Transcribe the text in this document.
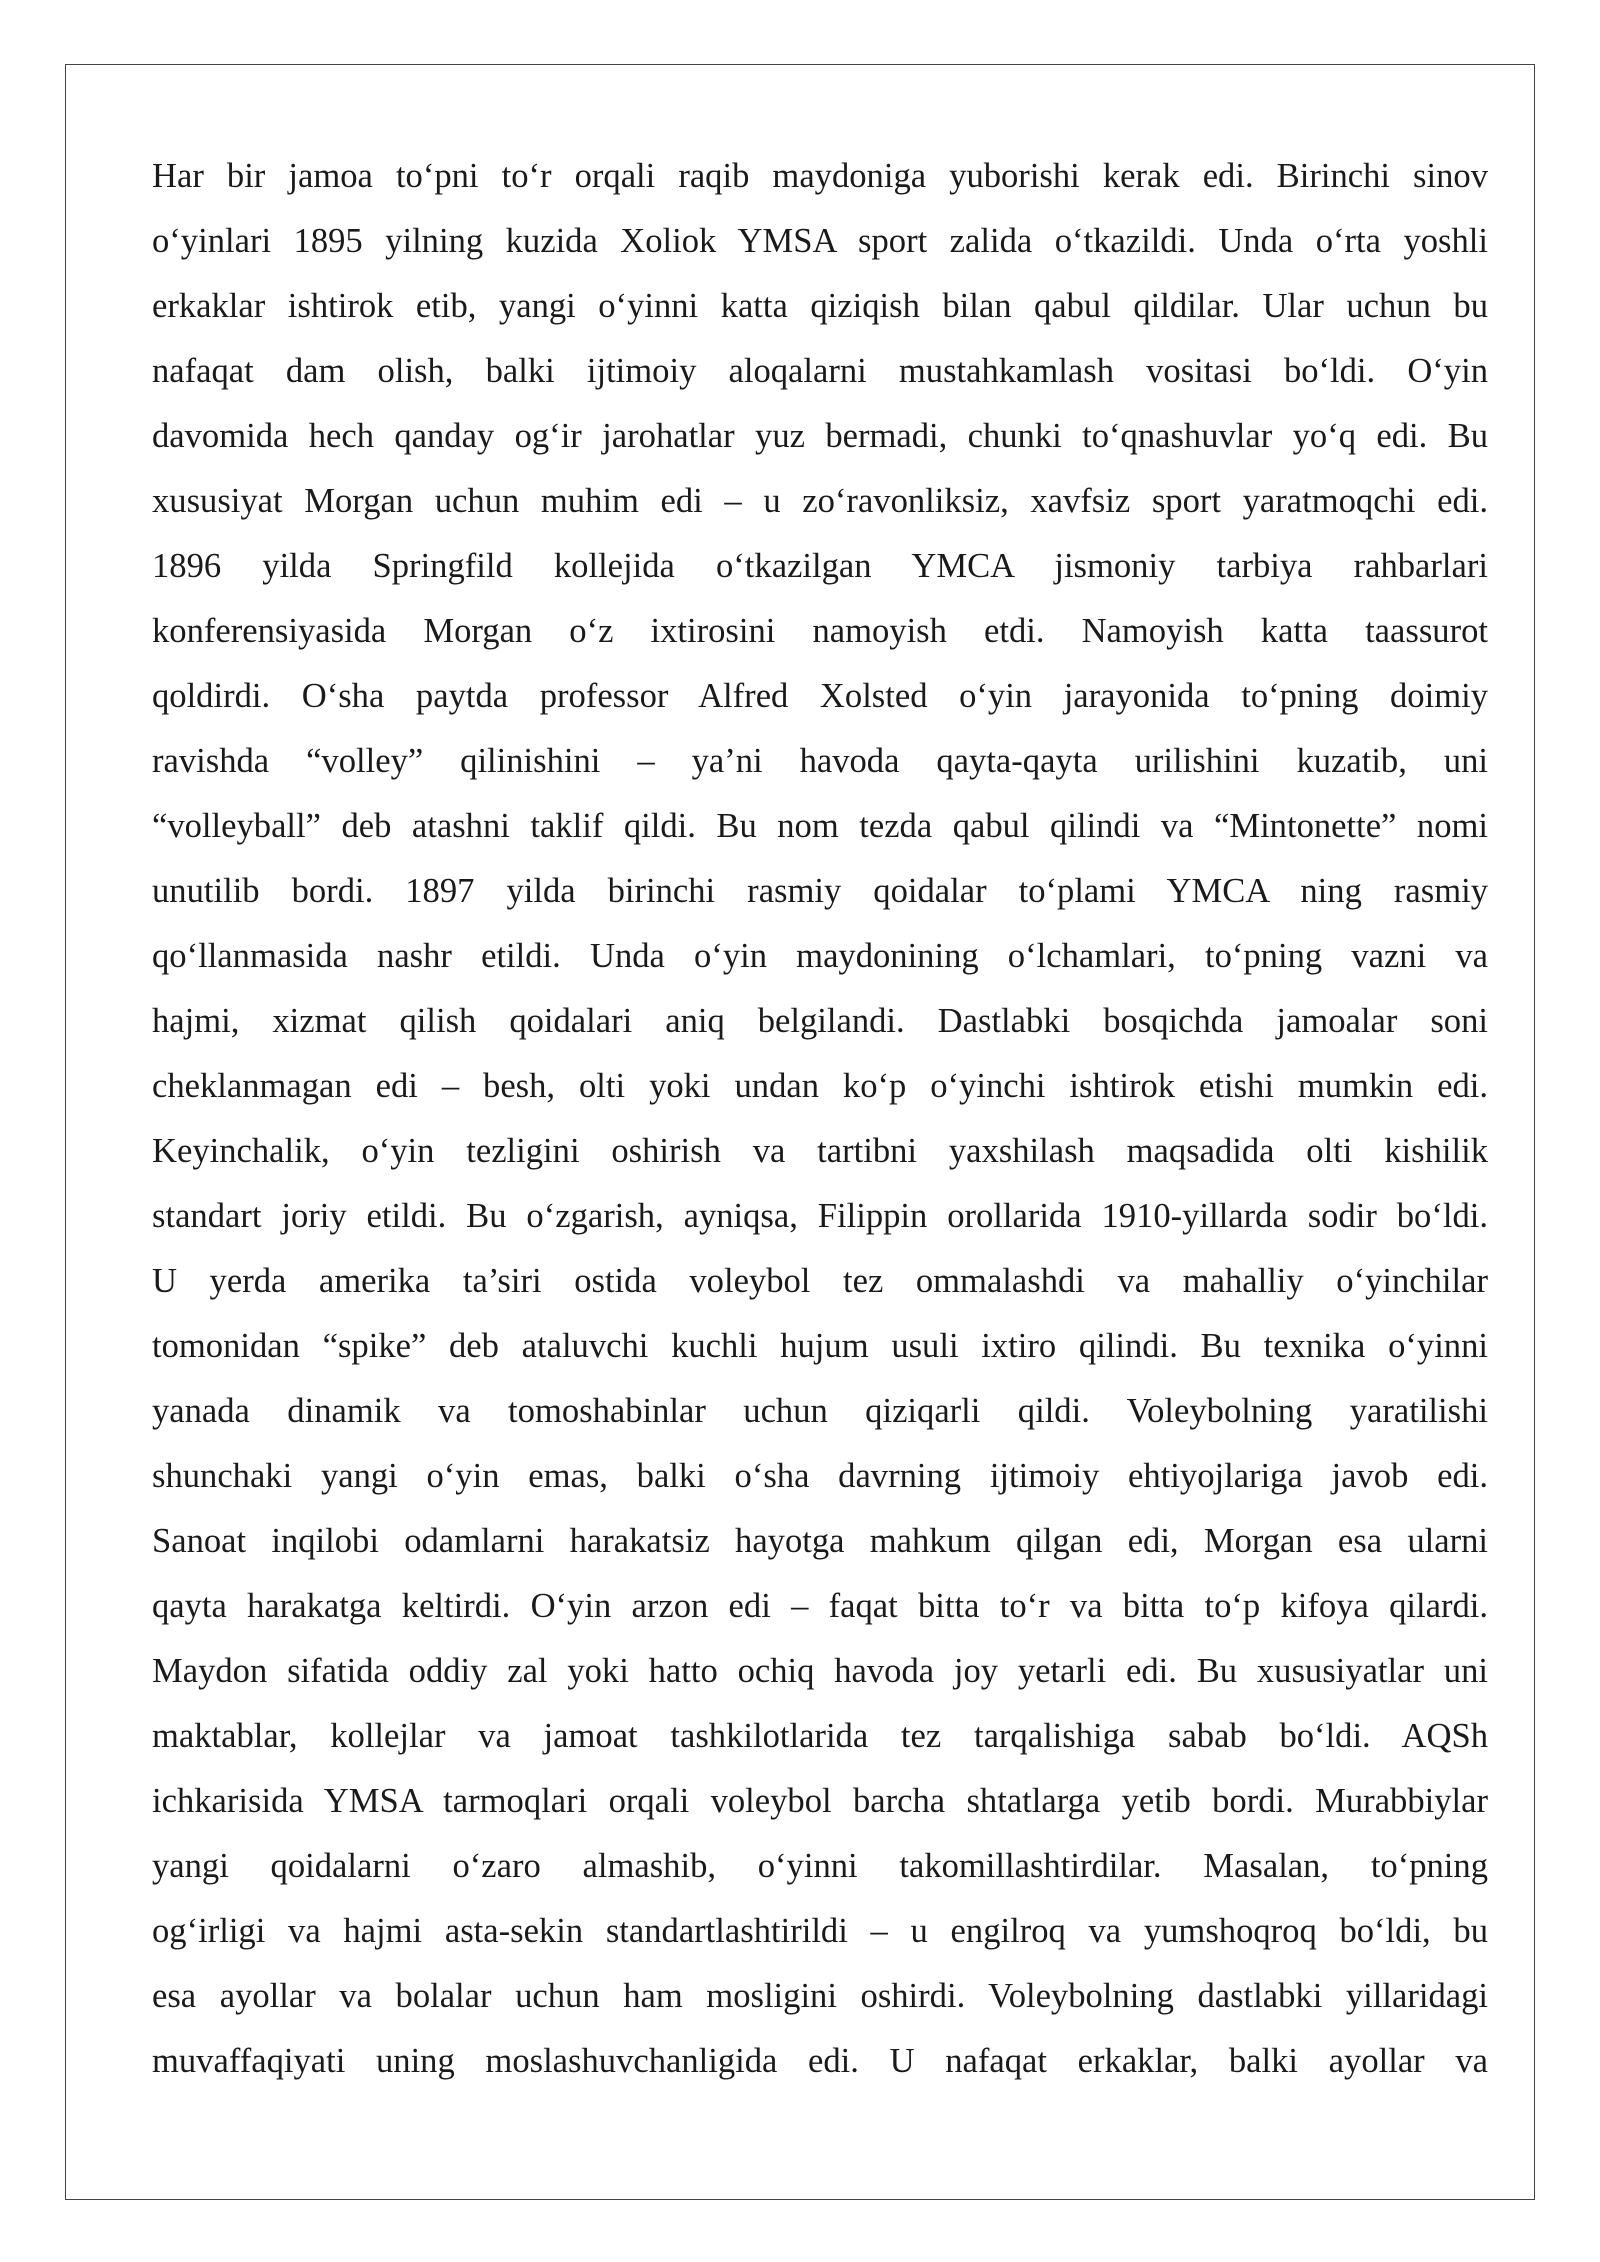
Har bir jamoa to‘pni to‘r orqali raqib maydoniga yuborishi kerak edi. Birinchi sinov
o‘yinlari 1895 yilning kuzida Xoliok YMSA sport zalida o‘tkazildi. Unda o‘rta yoshli
erkaklar ishtirok etib, yangi o‘yinni katta qiziqish bilan qabul qildilar. Ular uchun bu
nafaqat dam olish, balki ijtimoiy aloqalarni mustahkamlash vositasi bo‘ldi. O‘yin
davomida hech qanday og‘ir jarohatlar yuz bermadi, chunki to‘qnashuvlar yo‘q edi. Bu
xususiyat Morgan uchun muhim edi – u zo‘ravonliksiz, xavfsiz sport yaratmoqchi edi.
1896 yilda Springfild kollejida o‘tkazilgan YMCA jismoniy tarbiya rahbarlari
konferensiyasida Morgan o‘z ixtirosini namoyish etdi. Namoyish katta taassurot
qoldirdi. O‘sha paytda professor Alfred Xolsted o‘yin jarayonida to‘pning doimiy
ravishda “volley” qilinishini – ya’ni havoda qayta-qayta urilishini kuzatib, uni
“volleyball” deb atashni taklif qildi. Bu nom tezda qabul qilindi va “Mintonette” nomi
unutilib bordi. 1897 yilda birinchi rasmiy qoidalar to‘plami YMCA ning rasmiy
qo‘llanmasida nashr etildi. Unda o‘yin maydonining o‘lchamlari, to‘pning vazni va
hajmi, xizmat qilish qoidalari aniq belgilandi. Dastlabki bosqichda jamoalar soni
cheklanmagan edi – besh, olti yoki undan ko‘p o‘yinchi ishtirok etishi mumkin edi.
Keyinchalik, o‘yin tezligini oshirish va tartibni yaxshilash maqsadida olti kishilik
standart joriy etildi. Bu o‘zgarish, ayniqsa, Filippin orollarida 1910-yillarda sodir bo‘ldi.
U yerda amerika ta’siri ostida voleybol tez ommalashdi va mahalliy o‘yinchilar
tomonidan “spike” deb ataluvchi kuchli hujum usuli ixtiro qilindi. Bu texnika o‘yinni
yanada dinamik va tomoshabinlar uchun qiziqarli qildi. Voleybolning yaratilishi
shunchaki yangi o‘yin emas, balki o‘sha davrning ijtimoiy ehtiyojlariga javob edi.
Sanoat inqilobi odamlarni harakatsiz hayotga mahkum qilgan edi, Morgan esa ularni
qayta harakatga keltirdi. O‘yin arzon edi – faqat bitta to‘r va bitta to‘p kifoya qilardi.
Maydon sifatida oddiy zal yoki hatto ochiq havoda joy yetarli edi. Bu xususiyatlar uni
maktablar, kollejlar va jamoat tashkilotlarida tez tarqalishiga sabab bo‘ldi. AQSh
ichkarisida YMSA tarmoqlari orqali voleybol barcha shtatlarga yetib bordi. Murabbiylar
yangi qoidalarni o‘zaro almashib, o‘yinni takomillashtirdilar. Masalan, to‘pning
og‘irligi va hajmi asta-sekin standartlashtirildi – u engilroq va yumshoqroq bo‘ldi, bu
esa ayollar va bolalar uchun ham mosligini oshirdi. Voleybolning dastlabki yillaridagi
muvaffaqiyati uning moslashuvchanligida edi. U nafaqat erkaklar, balki ayollar va
